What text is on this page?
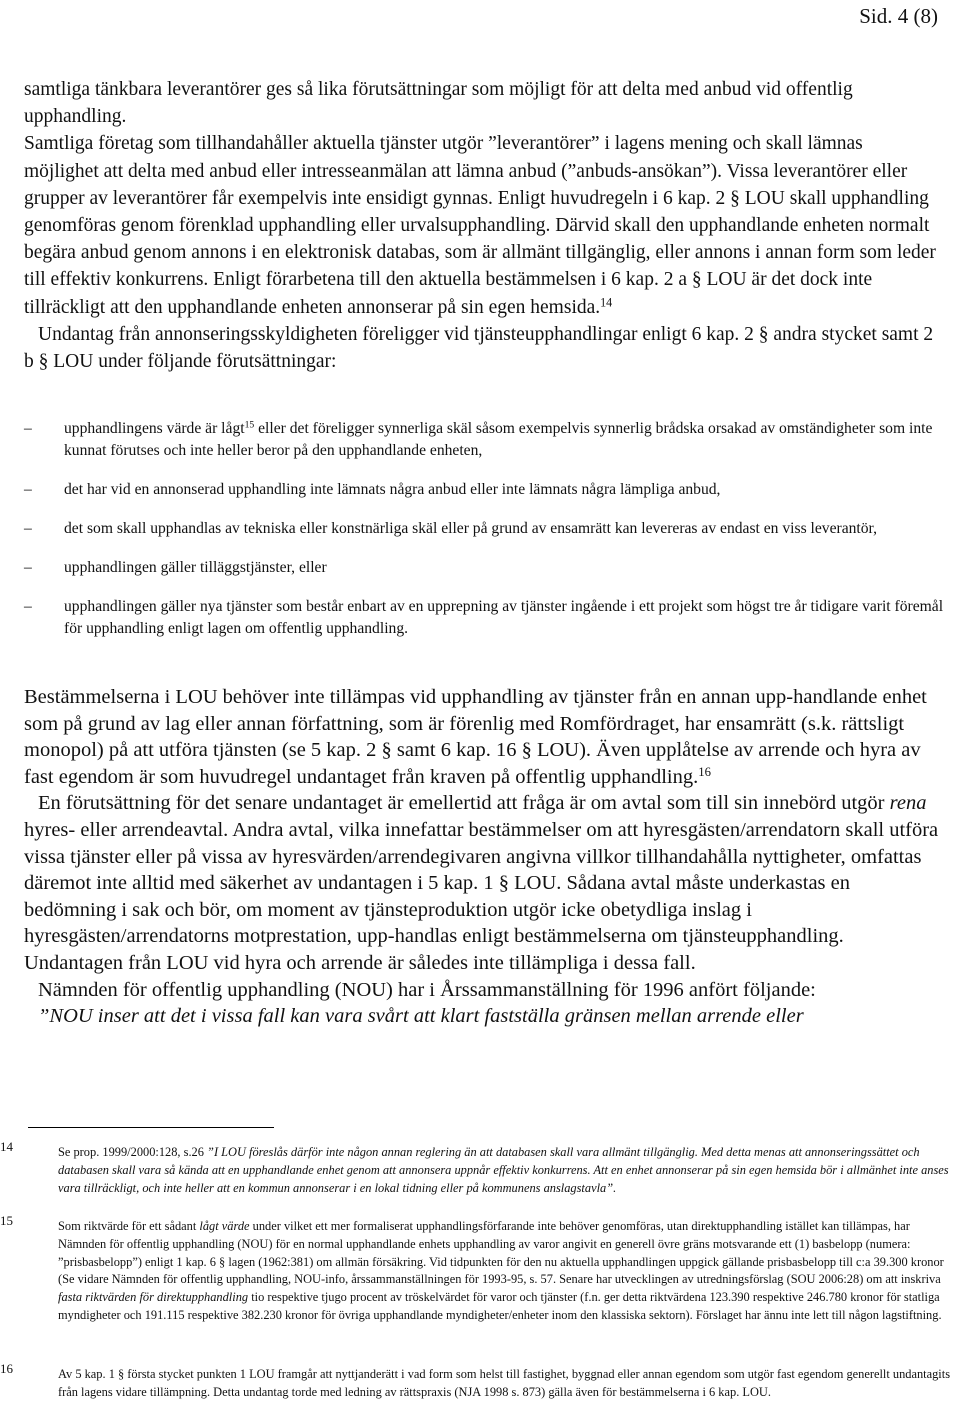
Sid. 4 (8)

samtliga tänkbara leverantörer ges så lika förutsättningar som möjligt för att delta med anbud vid offentlig upphandling.

Samtliga företag som tillhandahåller aktuella tjänster utgör ”leverantörer” i lagens mening och skall lämnas möjlighet att delta med anbud eller intresseanmälan att lämna anbud (”anbuds-ansökan”). Vissa leverantörer eller grupper av leverantörer får exempelvis inte ensidigt gynnas. Enligt huvudregeln i 6 kap. 2 § LOU skall upphandling genomföras genom förenklad upphandling eller urvalsupphandling. Därvid skall den upphandlande enheten normalt begära anbud genom annons i en elektronisk databas, som är allmänt tillgänglig, eller annons i annan form som leder till effektiv konkurrens. Enligt förarbetena till den aktuella bestämmelsen i 6 kap. 2 a § LOU är det dock inte tillräckligt att den upphandlande enheten annonserar på sin egen hemsida.$^{14}$

Undantag från annonseringsskyldigheten föreligger vid tjänsteupphandlingar enligt 6 kap. 2 § andra stycket samt 2 b § LOU under följande förutsättningar:

– upphandlingens värde är lågt$^{15}$ eller det föreligger synnerliga skäl såsom exempelvis synnerlig brådska orsakad av omständigheter som inte kunnat förutses och inte heller beror på den upphandlande enheten,
– det har vid en annonserad upphandling inte lämnats några anbud eller inte lämnats några lämpliga anbud,
– det som skall upphandlas av tekniska eller konstnärliga skäl eller på grund av ensamrätt kan levereras av endast en viss leverantör,
– upphandlingen gäller tilläggstjänster, eller
– upphandlingen gäller nya tjänster som består enbart av en upprepning av tjänster ingående i ett projekt som högst tre år tidigare varit föremål för upphandling enligt lagen om offentlig upphandling.

Bestämmelserna i LOU behöver inte tillämpas vid upphandling av tjänster från en annan upp-handlande enhet som på grund av lag eller annan författning, som är förenlig med Romfördraget, har ensamrätt (s.k. rättsligt monopol) på att utföra tjänsten (se 5 kap. 2 § samt 6 kap. 16 § LOU). Även upplåtelse av arrende och hyra av fast egendom är som huvudregel undantaget från kraven på offentlig upphandling.$^{16}$

En förutsättning för det senare undantaget är emellertid att fråga är om avtal som till sin innebörd utgör rena hyres- eller arrendeavtal. Andra avtal, vilka innefattar bestämmelser om att hyresgästen/arrendatorn skall utföra vissa tjänster eller på vissa av hyresvärden/arrendegivaren angivna villkor tillhandahålla nyttigheter, omfattas däremot inte alltid med säkerhet av undantagen i 5 kap. 1 § LOU. Sådana avtal måste underkastas en bedömning i sak och bör, om moment av tjänsteproduktion utgör icke obetydliga inslag i hyresgästen/arrendatorns motprestation, upp-handlas enligt bestämmelserna om tjänsteupphandling. Undantagen från LOU vid hyra och arrende är således inte tillämpliga i dessa fall.

Nämnden för offentlig upphandling (NOU) har i Årssammanställning för 1996 anfört följande:

”NOU inser att det i vissa fall kan vara svårt att klart fastställa gränsen mellan arrende eller

14	Se prop. 1999/2000:128, s.26 ”I LOU föreslås därför inte någon annan reglering än att databasen skall vara allmänt tillgänglig. Med detta menas att annonseringssättet och databasen skall vara så kända att en upphandlande enhet genom att annonsera uppnår effektiv konkurrens. Att en enhet annonserar på sin egen hemsida bör i allmänhet inte anses vara tillräckligt, och inte heller att en kommun annonserar i en lokal tidning eller på kommunens anslagstavla”.
15	Som riktvärde för ett sådant lågt värde under vilket ett mer formaliserat upphandlingsförfarande inte behöver genomföras, utan direktupphandling istället kan tillämpas, har Nämnden för offentlig upphandling (NOU) för en normal upphandlande enhets upphandling av varor angivit en generell övre gräns motsvarande ett (1) basbelopp (numera: ”prisbasbelopp”) enligt 1 kap. 6 § lagen (1962:381) om allmän försäkring. Vid tidpunkten för den nu aktuella upphandlingen uppgick gällande prisbasbelopp till c:a 39.300 kronor (Se vidare Nämnden för offentlig upphandling, NOU-info, årssammanställningen för 1993-95, s. 57. Senare har utvecklingen av utredningsförslag (SOU 2006:28) om att inskriva fasta riktvärden för direktupphandling tio respektive tjugo procent av tröskelvärdet för varor och tjänster (f.n. ger detta riktvärdena 123.390 respektive 246.780 kronor för statliga myndigheter och 191.115 respektive 382.230 kronor för övriga upphandlande myndigheter/enheter inom den klassiska sektorn). Förslaget har ännu inte lett till någon lagstiftning.
16	Av 5 kap. 1 § första stycket punkten 1 LOU framgår att nyttjanderätt i vad form som helst till fastighet, byggnad eller annan egendom som utgör fast egendom generellt undantagits från lagens vidare tillämpning. Detta undantag torde med ledning av rättspraxis (NJA 1998 s. 873) gälla även för bestämmelserna i 6 kap. LOU.
